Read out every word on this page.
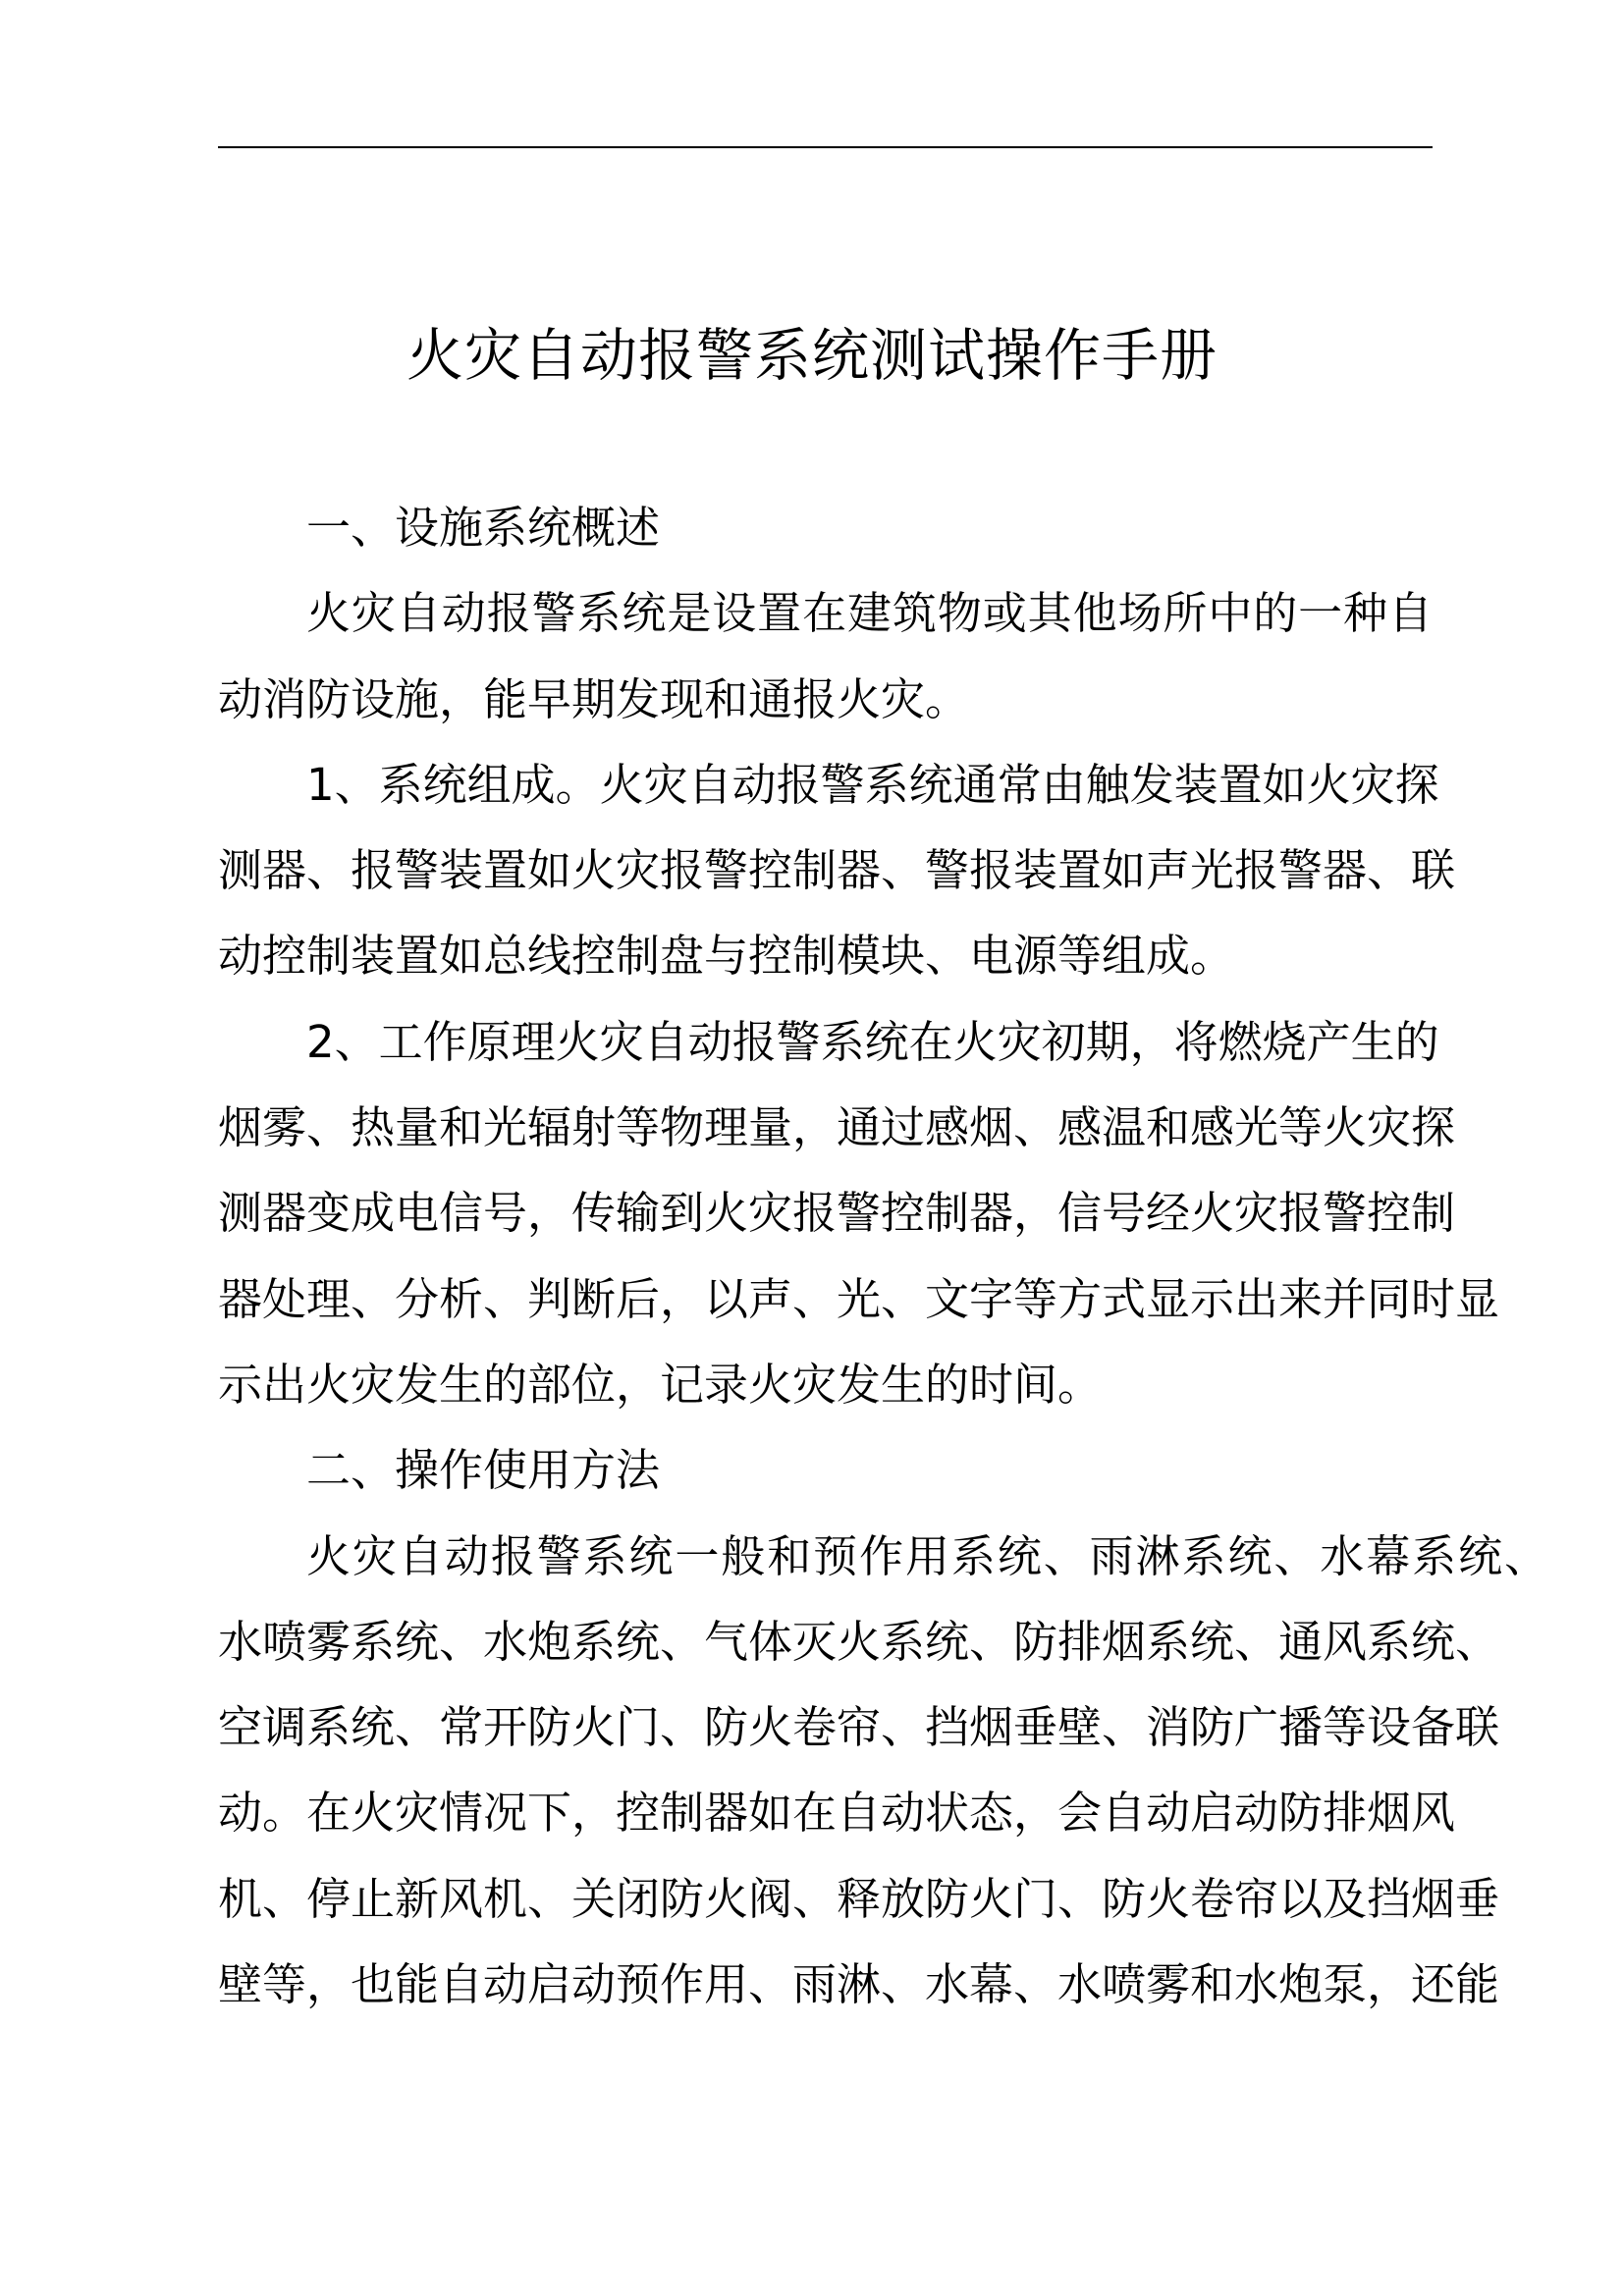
火灾自动报警系统测试操作手册
一、设施系统概述
火灾自动报警系统是设置在建筑物或其他场所中的一种自
动消防设施，能早期发现和通报火灾。
1、系统组成。火灾自动报警系统通常由触发装置如火灾探
测器、报警装置如火灾报警控制器、警报装置如声光报警器、联
动控制装置如总线控制盘与控制模块、电源等组成。
2、工作原理火灾自动报警系统在火灾初期，将燃烧产生的
烟雾、热量和光辐射等物理量，通过感烟、感温和感光等火灾探
测器变成电信号，传输到火灾报警控制器，信号经火灾报警控制
器处理、分析、判断后，以声、光、文字等方式显示出来并同时显
示出火灾发生的部位，记录火灾发生的时间。
二、操作使用方法
火灾自动报警系统一般和预作用系统、雨淋系统、水幕系统、
水喷雾系统、水炮系统、气体灭火系统、防排烟系统、通风系统、
空调系统、常开防火门、防火卷帘、挡烟垂壁、消防广播等设备联
动。在火灾情况下，控制器如在自动状态，会自动启动防排烟风
机、停止新风机、关闭防火阀、释放防火门、防火卷帘以及挡烟垂
壁等，也能自动启动预作用、雨淋、水幕、水喷雾和水炮泵，还能
